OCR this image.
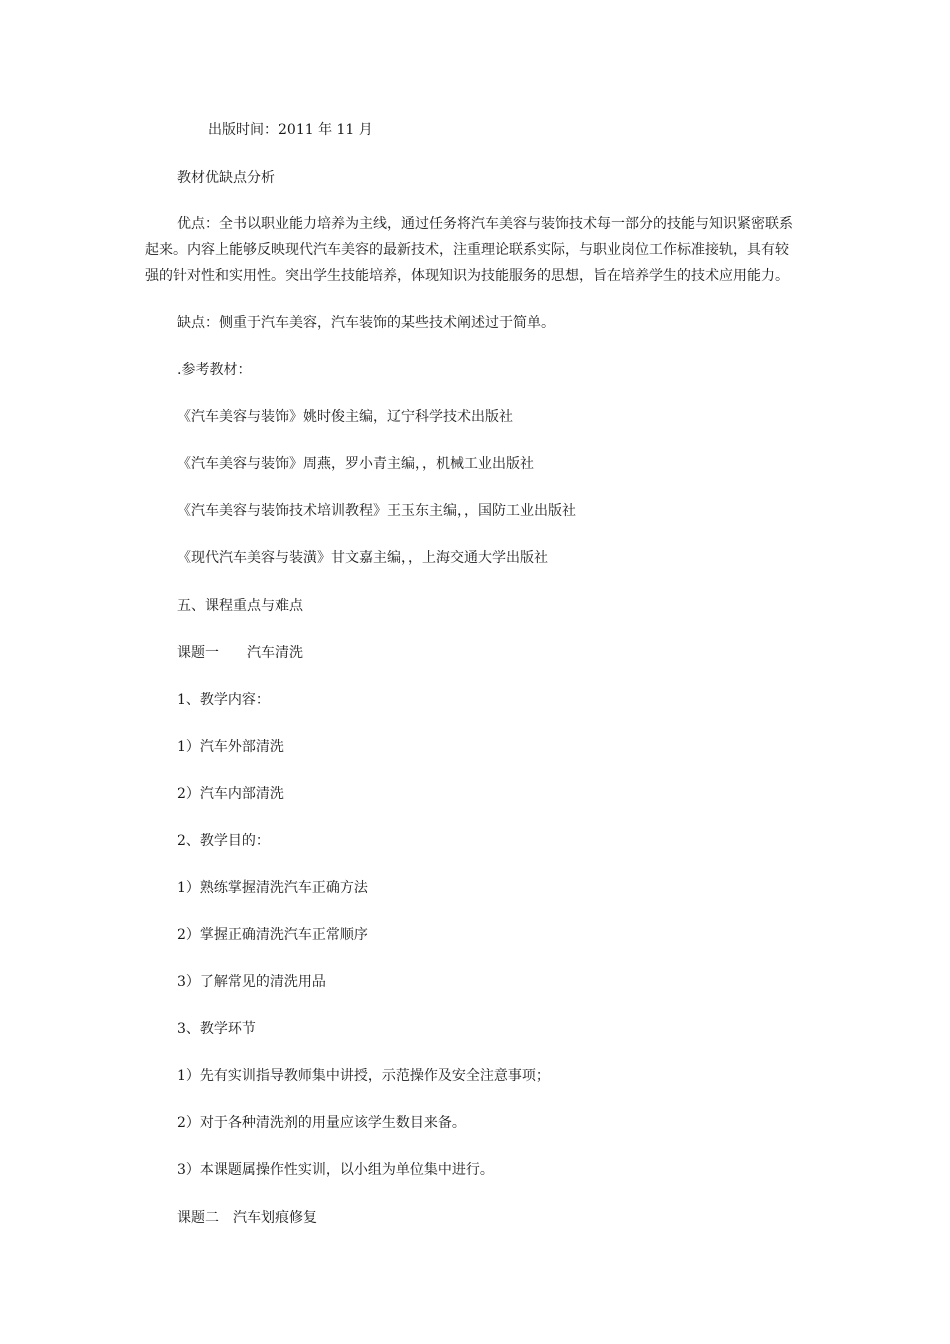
出版时间：2011 年 11 月

教材优缺点分析

优点：全书以职业能力培养为主线，通过任务将汽车美容与装饰技术每一部分的技能与知识紧密联系

起来。内容上能够反映现代汽车美容的最新技术，注重理论联系实际，与职业岗位工作标准接轨，具有较

强的针对性和实用性。突出学生技能培养，体现知识为技能服务的思想，旨在培养学生的技术应用能力。

缺点：侧重于汽车美容，汽车装饰的某些技术阐述过于简单。

.参考教材：

《汽车美容与装饰》姚时俊主编，辽宁科学技术出版社

《汽车美容与装饰》周燕，罗小青主编，，机械工业出版社

《汽车美容与装饰技术培训教程》王玉东主编，，国防工业出版社

《现代汽车美容与装潢》甘文嘉主编，，上海交通大学出版社

五、课程重点与难点

课题一　　汽车清洗

1、教学内容：

1）汽车外部清洗

2）汽车内部清洗

2、教学目的：

1）熟练掌握清洗汽车正确方法

2）掌握正确清洗汽车正常顺序

3）了解常见的清洗用品

3、教学环节

1）先有实训指导教师集中讲授，示范操作及安全注意事项；

2）对于各种清洗剂的用量应该学生数目来备。

3）本课题属操作性实训，以小组为单位集中进行。

课题二　汽车划痕修复
